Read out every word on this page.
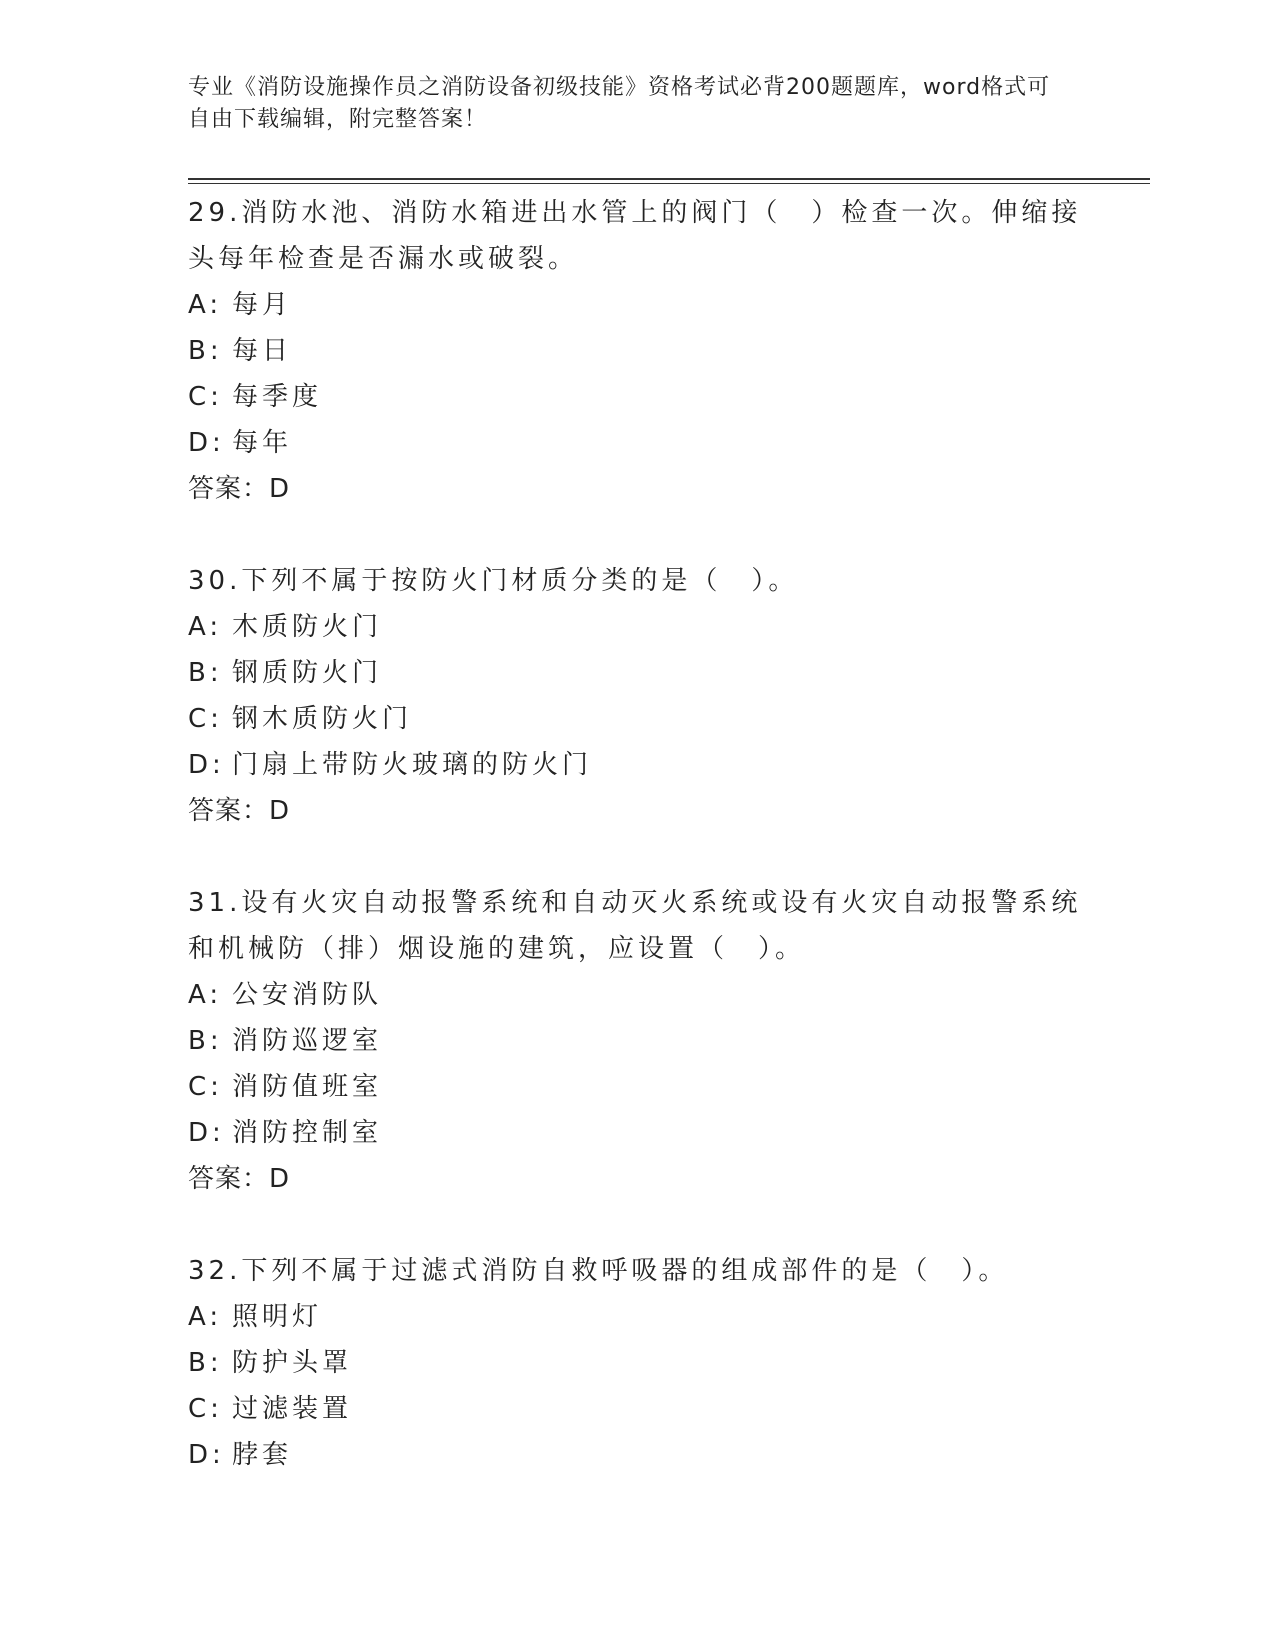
专业《消防设施操作员之消防设备初级技能》资格考试必背200题题库，word格式可自由下载编辑，附完整答案！

29.消防水池、消防水箱进出水管上的阀门（　）检查一次。伸缩接头每年检查是否漏水或破裂。

A: 每月

B: 每日

C: 每季度

D: 每年

答案：D

30.下列不属于按防火门材质分类的是（　）。

A: 木质防火门

B: 钢质防火门

C: 钢木质防火门

D: 门扇上带防火玻璃的防火门

答案：D

31.设有火灾自动报警系统和自动灭火系统或设有火灾自动报警系统和机械防（排）烟设施的建筑，应设置（　）。

A: 公安消防队

B: 消防巡逻室

C: 消防值班室

D: 消防控制室

答案：D

32.下列不属于过滤式消防自救呼吸器的组成部件的是（　）。

A: 照明灯

B: 防护头罩

C: 过滤装置

D: 脖套
